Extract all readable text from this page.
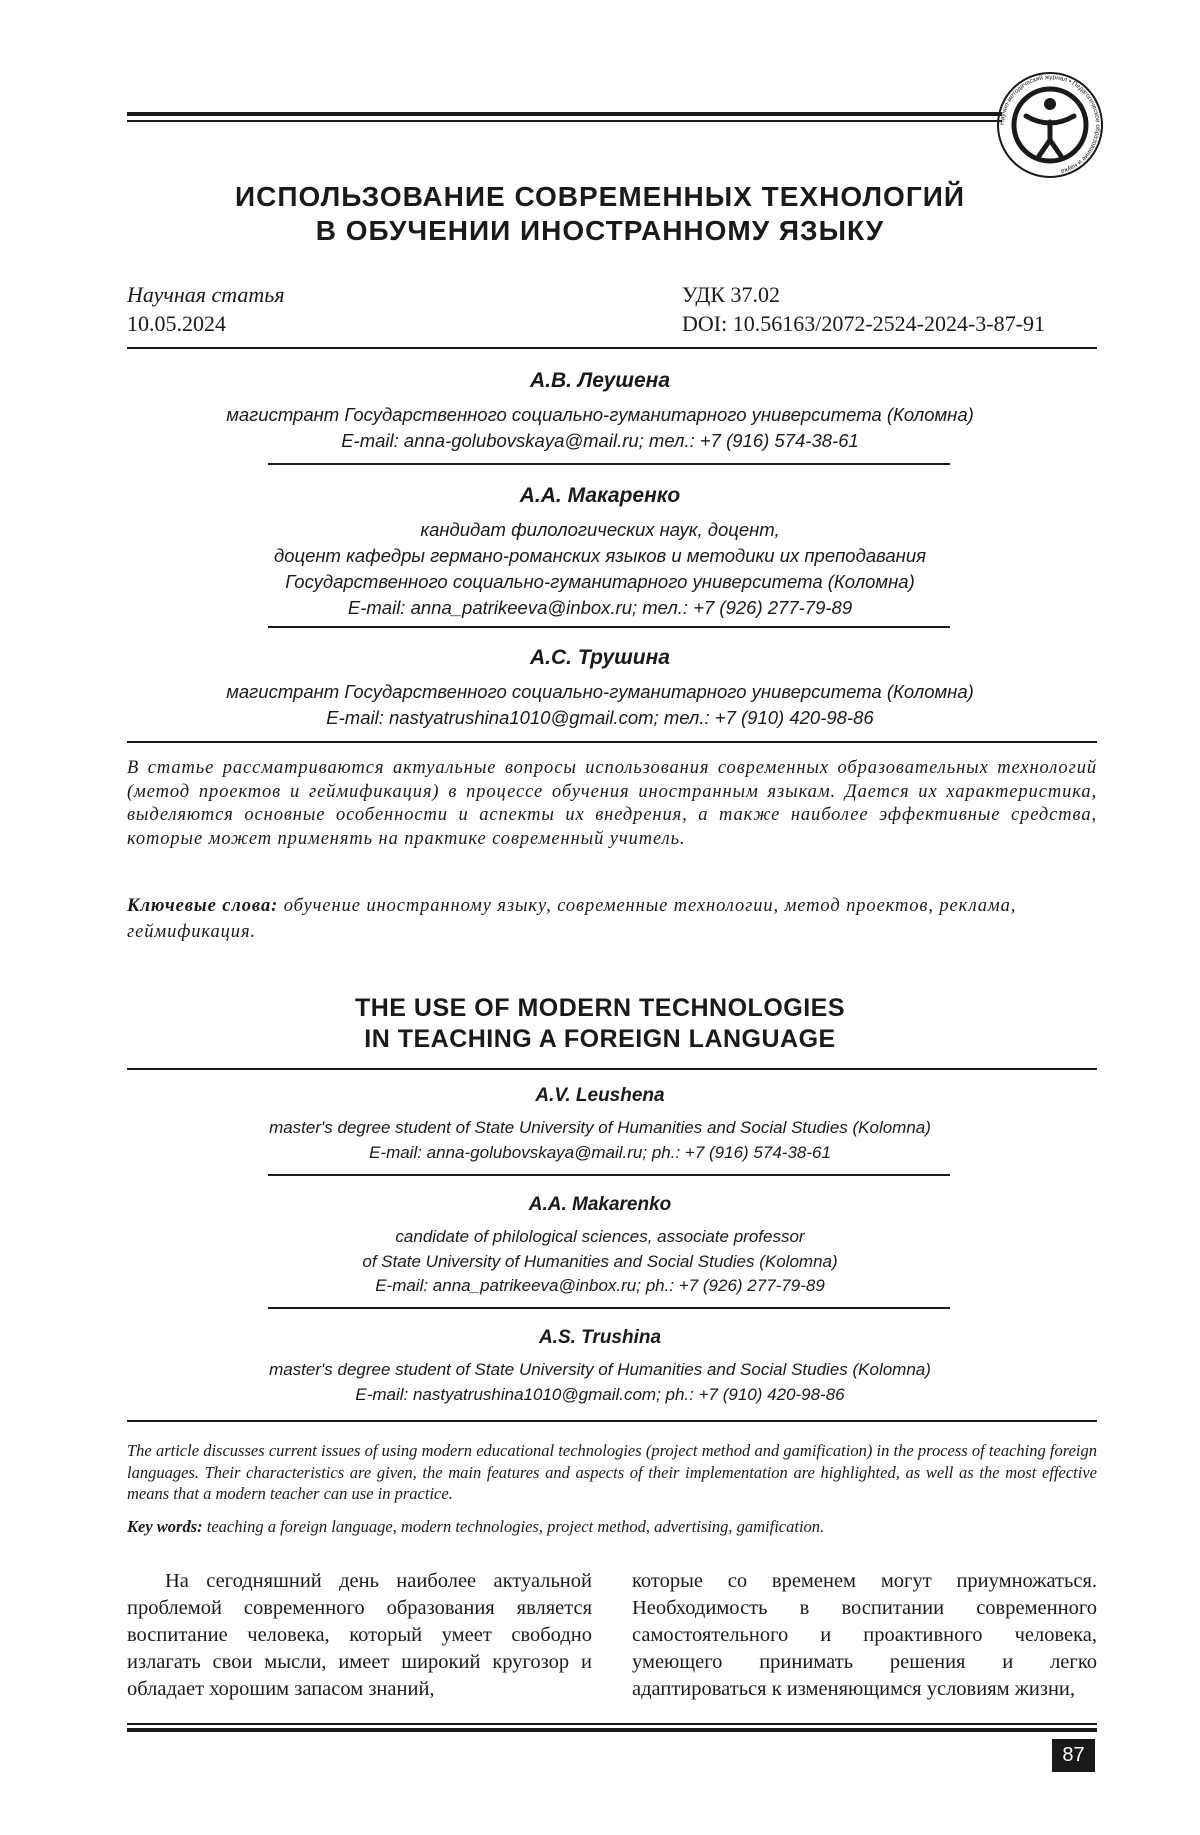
Научно-методический журнал • Педагогическое образование и наука
ИСПОЛЬЗОВАНИЕ СОВРЕМЕННЫХ ТЕХНОЛОГИЙ
В ОБУЧЕНИИ ИНОСТРАННОМУ ЯЗЫКУ
Научная статья
10.05.2024
УДК 37.02
DOI: 10.56163/2072-2524-2024-3-87-91
А.В. Леушена
магистрант Государственного социально-гуманитарного университета (Коломна)
E-mail: anna-golubovskaya@mail.ru; тел.: +7 (916) 574-38-61
А.А. Макаренко
кандидат филологических наук, доцент,
доцент кафедры германо-романских языков и методики их преподавания
Государственного социально-гуманитарного университета (Коломна)
E-mail: anna_patrikeeva@inbox.ru; тел.: +7 (926) 277-79-89
А.С. Трушина
магистрант Государственного социально-гуманитарного университета (Коломна)
E-mail: nastyatrushina1010@gmail.com; тел.: +7 (910) 420-98-86
В статье рассматриваются актуальные вопросы использования современных образовательных технологий (метод проектов и геймификация) в процессе обучения иностранным языкам. Дается их характеристика, выделяются основные особенности и аспекты их внедрения, а также наиболее эффективные средства, которые может применять на практике современный учитель.
Ключевые слова: обучение иностранному языку, современные технологии, метод проектов, реклама, геймификация.
THE USE OF MODERN TECHNOLOGIES
IN TEACHING A FOREIGN LANGUAGE
A.V. Leushena
master's degree student of State University of Humanities and Social Studies (Kolomna)
E-mail: anna-golubovskaya@mail.ru; ph.: +7 (916) 574-38-61
A.A. Makarenko
candidate of philological sciences, associate professor
of State University of Humanities and Social Studies (Kolomna)
E-mail: anna_patrikeeva@inbox.ru; ph.: +7 (926) 277-79-89
A.S. Trushina
master's degree student of State University of Humanities and Social Studies (Kolomna)
E-mail: nastyatrushina1010@gmail.com; ph.: +7 (910) 420-98-86
The article discusses current issues of using modern educational technologies (project method and gamification) in the process of teaching foreign languages. Their characteristics are given, the main features and aspects of their implementation are highlighted, as well as the most effective means that a modern teacher can use in practice.
Key words: teaching a foreign language, modern technologies, project method, advertising, gamification.

На сегодняшний день наиболее актуальной проблемой современного образования является воспитание человека, который умеет свободно излагать свои мысли, имеет широкий кругозор и обладает хорошим запасом знаний,

которые со временем могут приумножаться. Необходимость в воспитании современного самостоятельного и проактивного человека, умеющего принимать решения и легко адаптироваться к изменяющимся условиям жизни,

87
